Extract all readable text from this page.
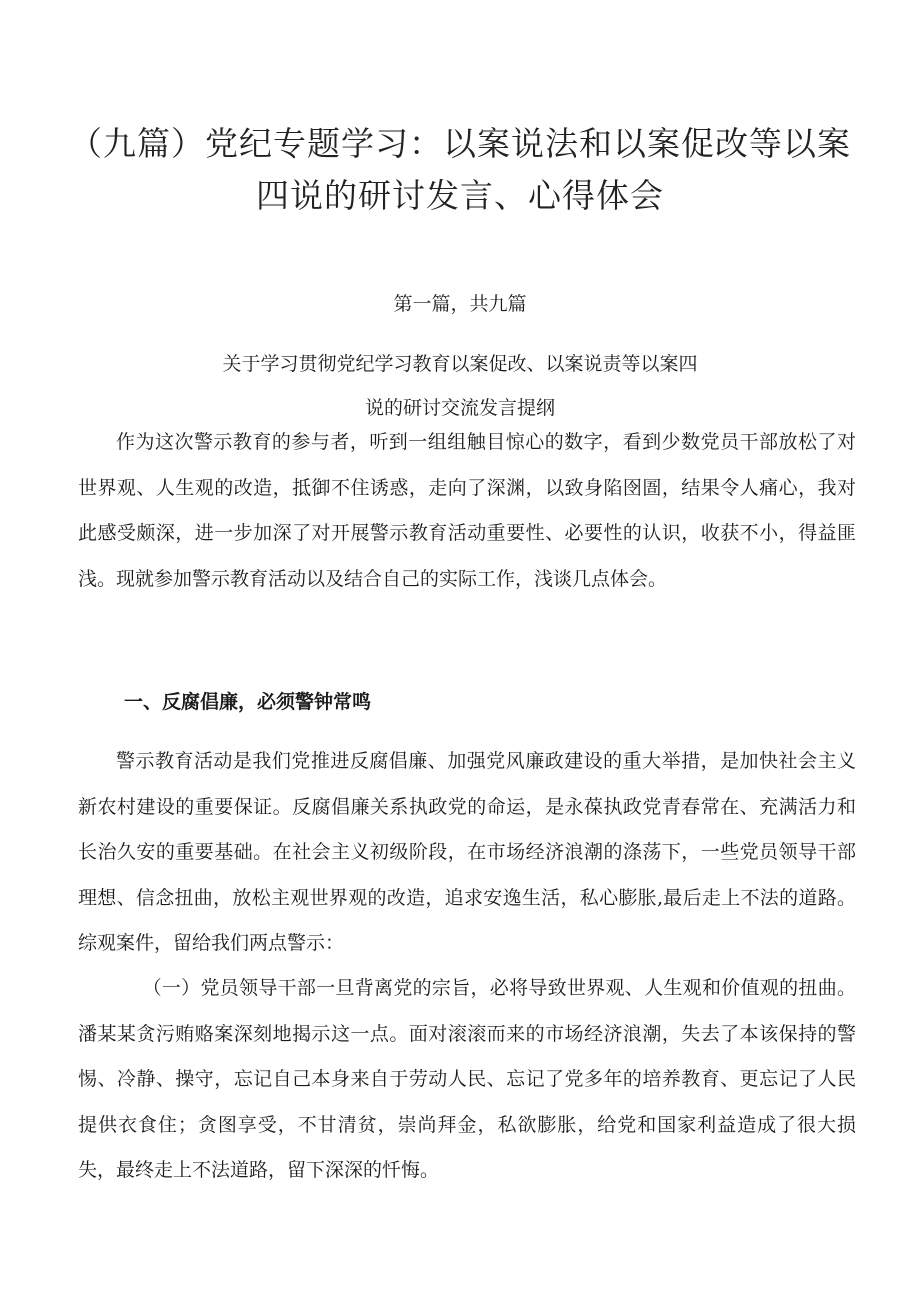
（九篇）党纪专题学习：以案说法和以案促改等以案四说的研讨发言、心得体会

第一篇，共九篇

关于学习贯彻党纪学习教育以案促改、以案说责等以案四

说的研讨交流发言提纲

作为这次警示教育的参与者，听到一组组触目惊心的数字，看到少数党员干部放松了对世界观、人生观的改造，抵御不住诱惑，走向了深渊，以致身陷囹圄，结果令人痛心，我对此感受颇深，进一步加深了对开展警示教育活动重要性、必要性的认识，收获不小，得益匪浅。现就参加警示教育活动以及结合自己的实际工作，浅谈几点体会。

一、反腐倡廉，必须警钟常鸣

警示教育活动是我们党推进反腐倡廉、加强党风廉政建设的重大举措，是加快社会主义新农村建设的重要保证。反腐倡廉关系执政党的命运，是永葆执政党青春常在、充满活力和长治久安的重要基础。在社会主义初级阶段，在市场经济浪潮的涤荡下，一些党员领导干部理想、信念扭曲，放松主观世界观的改造，追求安逸生活，私心膨胀,最后走上不法的道路。综观案件，留给我们两点警示：

（一）党员领导干部一旦背离党的宗旨，必将导致世界观、人生观和价值观的扭曲。潘某某贪污贿赂案深刻地揭示这一点。面对滚滚而来的市场经济浪潮，失去了本该保持的警惕、冷静、操守，忘记自己本身来自于劳动人民、忘记了党多年的培养教育、更忘记了人民提供衣食住；贪图享受，不甘清贫，崇尚拜金，私欲膨胀，给党和国家利益造成了很大损失，最终走上不法道路，留下深深的忏悔。
